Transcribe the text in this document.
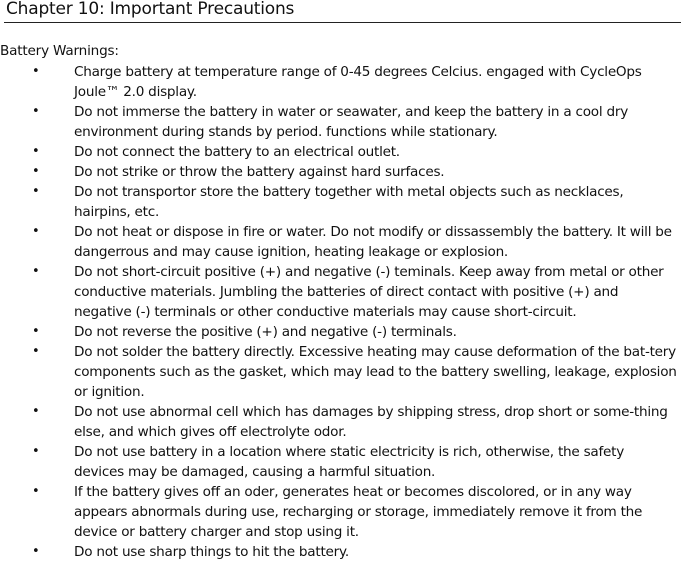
Chapter 10: Important Precautions
Battery Warnings:
•	Charge battery at temperature range of 0-45 degrees Celcius. engaged with CycleOps Joule™ 2.0 display.
•	Do not immerse the battery in water or seawater, and keep the battery in a cool dry environment during stands by period. functions while stationary.
•	Do not connect the battery to an electrical outlet.
•	Do not strike or throw the battery against hard surfaces.
•	Do not transportor store the battery together with metal objects such as necklaces, hairpins, etc.
•	Do not heat or dispose in fire or water. Do not modify or dissassembly the battery. It will be dangerrous and may cause ignition, heating leakage or explosion.
•	Do not short-circuit positive (+) and negative (-) teminals. Keep away from metal or other conductive materials. Jumbling the batteries of direct contact with positive (+) and negative (-) terminals or other conductive materials may cause short-circuit.
•	Do not reverse the positive (+) and negative (-) terminals.
•	Do not solder the battery directly. Excessive heating may cause deformation of the bat-tery components such as the gasket, which may lead to the battery swelling, leakage, explosion or ignition.
•	Do not use abnormal cell which has damages by shipping stress, drop short or some-thing else, and which gives off electrolyte odor.
•	Do not use battery in a location where static electricity is rich, otherwise, the safety devices may be damaged, causing a harmful situation.
•	If the battery gives off an oder, generates heat or becomes discolored, or in any way appears abnormals during use, recharging or storage, immediately remove it from the device or battery charger and stop using it.
•	Do not use sharp things to hit the battery.
